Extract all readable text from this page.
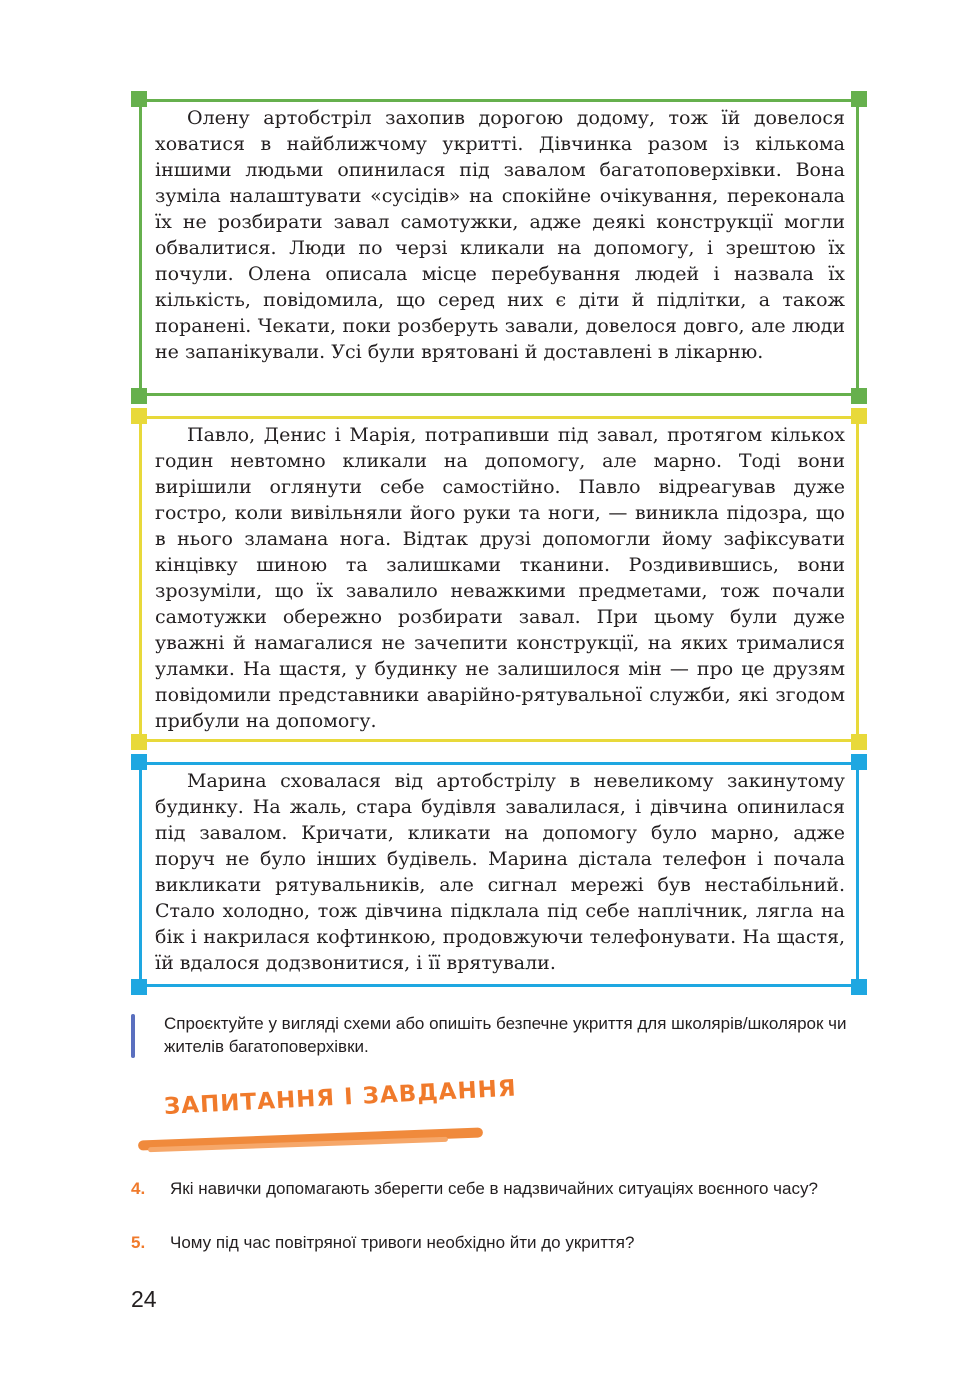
Олену артобстріл захопив дорогою додому, тож їй довелося ховатися в найближчому укритті. Дівчинка разом із кількома іншими людьми опинилася під завалом багатоповерхівки. Вона зуміла налаштувати «сусідів» на спокійне очікування, переконала їх не розбирати завал самотужки, адже деякі конструкції могли обвалитися. Люди по черзі кликали на допомогу, і зрештою їх почули. Олена описала місце перебування людей і назвала їх кількість, повідомила, що серед них є діти й підлітки, а також поранені. Чекати, поки розберуть завали, довелося довго, але люди не запанікували. Усі були врятовані й доставлені в лікарню.

Павло, Денис і Марія, потрапивши під завал, протягом кількох годин невтомно кликали на допомогу, але марно. Тоді вони вирішили оглянути себе самостійно. Павло відреагував дуже гостро, коли вивільняли його руки та ноги, — виникла підозра, що в нього зламана нога. Відтак друзі допомогли йому зафіксувати кінцівку шиною та залишками тканини. Роздивившись, вони зрозуміли, що їх завалило неважкими предметами, тож почали самотужки обережно розбирати завал. При цьому були дуже уважні й намагалися не зачепити конструкції, на яких трималися уламки. На щастя, у будинку не залишилося мін — про це друзям повідомили представники аварійно-рятувальної служби, які згодом прибули на допомогу.

Марина сховалася від артобстрілу в невеликому закинутому будинку. На жаль, стара будівля завалилася, і дівчина опинилася під завалом. Кричати, кликати на допомогу було марно, адже поруч не було інших будівель. Марина дістала телефон і почала викликати рятувальників, але сигнал мережі був нестабільний. Стало холодно, тож дівчина підклала під себе наплічник, лягла на бік і накрилася кофтинкою, продовжуючи телефонувати. На щастя, їй вдалося додзвонитися, і її врятували.

Спроєктуйте у вигляді схеми або опишіть безпечне укриття для школярів/школярок чи жителів багатоповерхівки.

ЗАПИТАННЯ І ЗАВДАННЯ
4. Які навички допомагають зберегти себе в надзвичайних ситуаціях воєнного часу?

5. Чому під час повітряної тривоги необхідно йти до укриття?

24
